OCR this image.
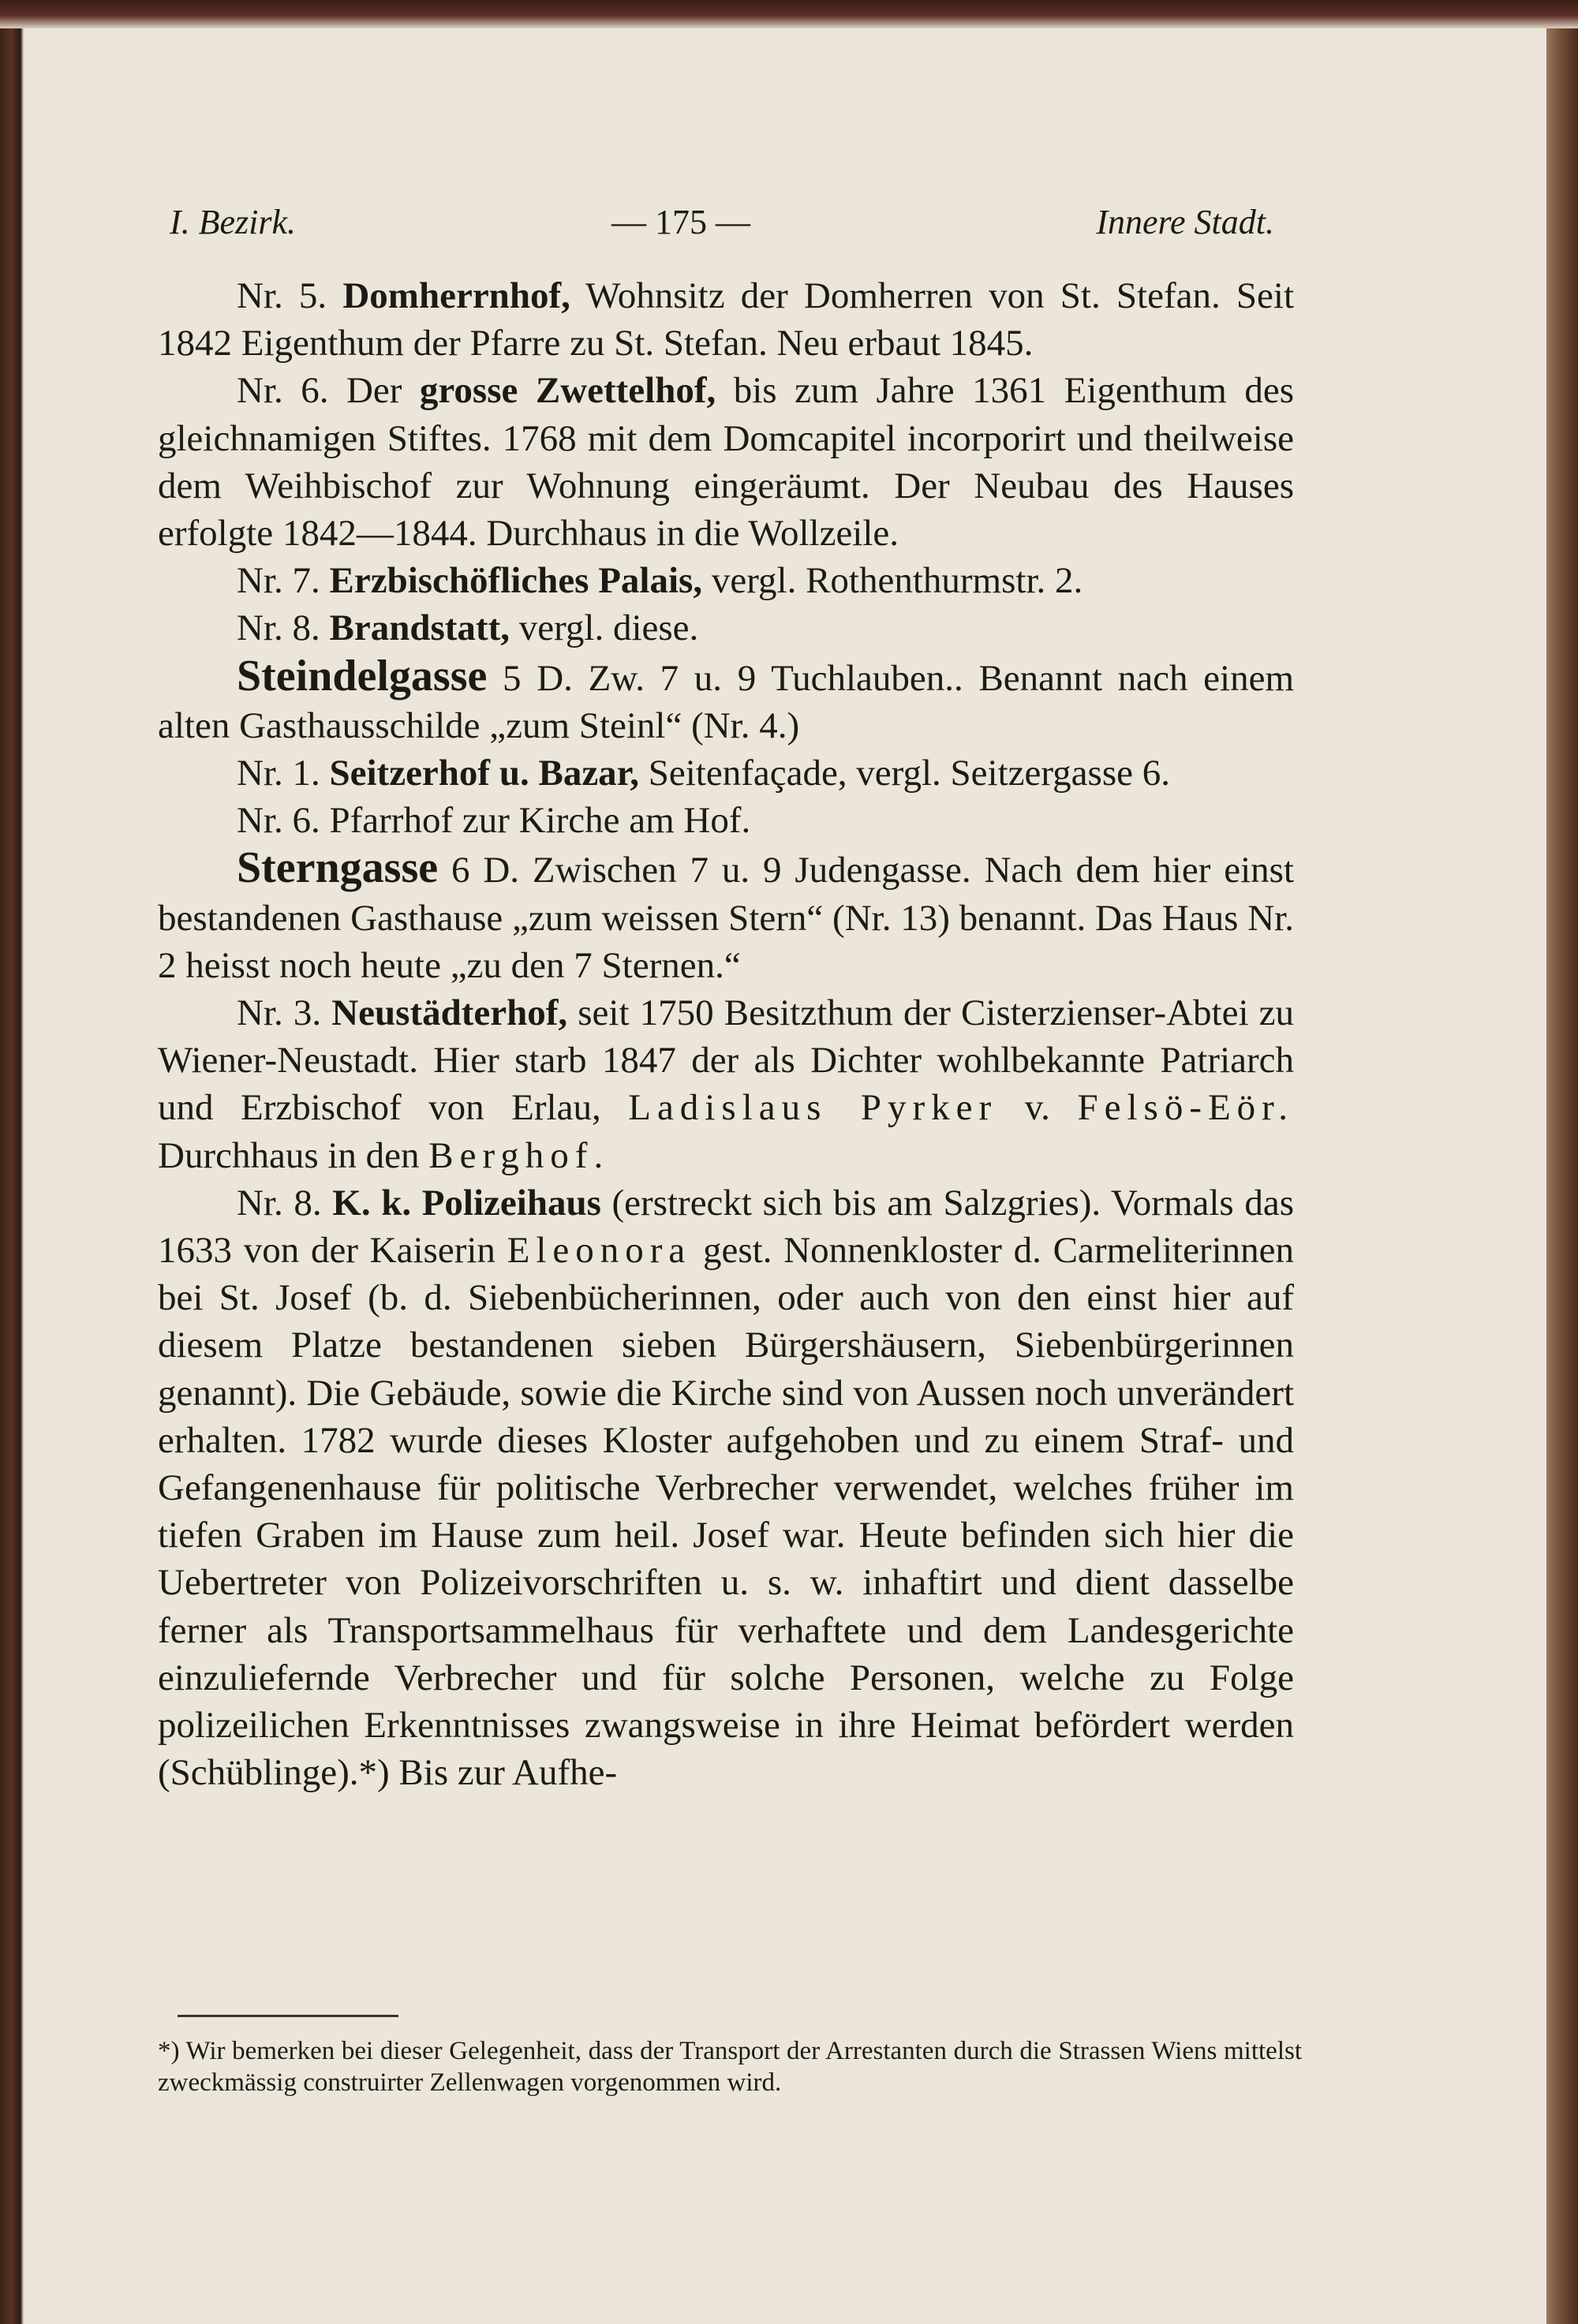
I. Bezirk.	— 175 —	Innere Stadt.

Nr. 5. Domherrnhof, Wohnsitz der Domherren von St. Stefan. Seit 1842 Eigenthum der Pfarre zu St. Stefan. Neu erbaut 1845.

Nr. 6. Der grosse Zwettelhof, bis zum Jahre 1361 Eigenthum des gleichnamigen Stiftes. 1768 mit dem Domcapitel incorporirt und theilweise dem Weihbischof zur Wohnung eingeräumt. Der Neubau des Hauses erfolgte 1842—1844. Durchhaus in die Wollzeile.

Nr. 7. Erzbischöfliches Palais, vergl. Rothenthurmstr. 2.

Nr. 8. Brandstatt, vergl. diese.

Steindelgasse 5 D. Zw. 7 u. 9 Tuchlauben.. Benannt nach einem alten Gasthausschilde „zum Steinl“ (Nr. 4.)

Nr. 1. Seitzerhof u. Bazar, Seitenfaçade, vergl. Seitzergasse 6.

Nr. 6. Pfarrhof zur Kirche am Hof.

Sterngasse 6 D. Zwischen 7 u. 9 Judengasse. Nach dem hier einst bestandenen Gasthause „zum weissen Stern“ (Nr. 13) benannt. Das Haus Nr. 2 heisst noch heute „zu den 7 Sternen.“

Nr. 3. Neustädterhof, seit 1750 Besitzthum der Cisterzienser-Abtei zu Wiener-Neustadt. Hier starb 1847 der als Dichter wohlbekannte Patriarch und Erzbischof von Erlau, Ladislaus Pyrker v. Felsö-Eör. Durchhaus in den Berghof.

Nr. 8. K. k. Polizeihaus (erstreckt sich bis am Salzgries). Vormals das 1633 von der Kaiserin Eleonora gest. Nonnenkloster d. Carmeliterinnen bei St. Josef (b. d. Siebenbücherinnen, oder auch von den einst hier auf diesem Platze bestandenen sieben Bürgershäusern, Siebenbürgerinnen genannt). Die Gebäude, sowie die Kirche sind von Aussen noch unverändert erhalten. 1782 wurde dieses Kloster aufgehoben und zu einem Straf- und Gefangenenhause für politische Verbrecher verwendet, welches früher im tiefen Graben im Hause zum heil. Josef war. Heute befinden sich hier die Uebertreter von Polizeivorschriften u. s. w. inhaftirt und dient dasselbe ferner als Transportsammelhaus für verhaftete und dem Landesgerichte einzuliefernde Verbrecher und für solche Personen, welche zu Folge polizeilichen Erkenntnisses zwangsweise in ihre Heimat befördert werden (Schüblinge).*) Bis zur Aufhe-

*) Wir bemerken bei dieser Gelegenheit, dass der Transport der Arrestanten durch die Strassen Wiens mittelst zweckmässig construirter Zellenwagen vorgenommen wird.
